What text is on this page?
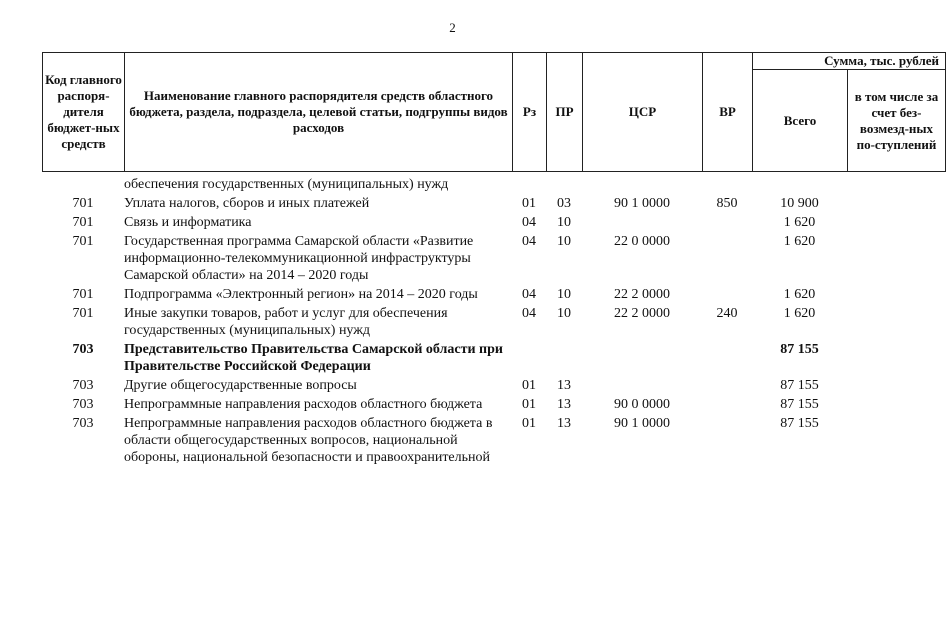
2
Код главного распоря-дителя бюджет-ных средств	Наименование главного распорядителя средств областного бюджета, раздела, подраздела, целевой статьи, подгруппы видов расходов	Рз	ПР	ЦСР	ВР	Сумма, тыс. рублей	
						Всего	в том числе за счет без-возмезд-ных по-ступлений
	обеспечения государственных (муниципальных) нужд						
701	Уплата налогов, сборов и иных платежей	01	03	90 1 0000	850	10 900	
701	Связь и информатика	04	10			1 620	
701	Государственная программа Самарской области «Развитие информационно-телекоммуникационной инфраструктуры Самарской области» на 2014 – 2020 годы	04	10	22 0 0000		1 620	
701	Подпрограмма «Электронный регион» на 2014 – 2020 годы	04	10	22 2 0000		1 620	
701	Иные закупки товаров, работ и услуг для обеспечения государственных (муниципальных) нужд	04	10	22 2 0000	240	1 620	
703	Представительство Правительства Самарской области при Правительстве Российской Федерации					87 155	
703	Другие общегосударственные вопросы	01	13			87 155	
703	Непрограммные направления расходов областного бюджета	01	13	90 0 0000		87 155	
703	Непрограммные направления расходов областного бюджета в области общегосударственных вопросов, национальной обороны, национальной безопасности и правоохранительной	01	13	90 1 0000		87 155	
